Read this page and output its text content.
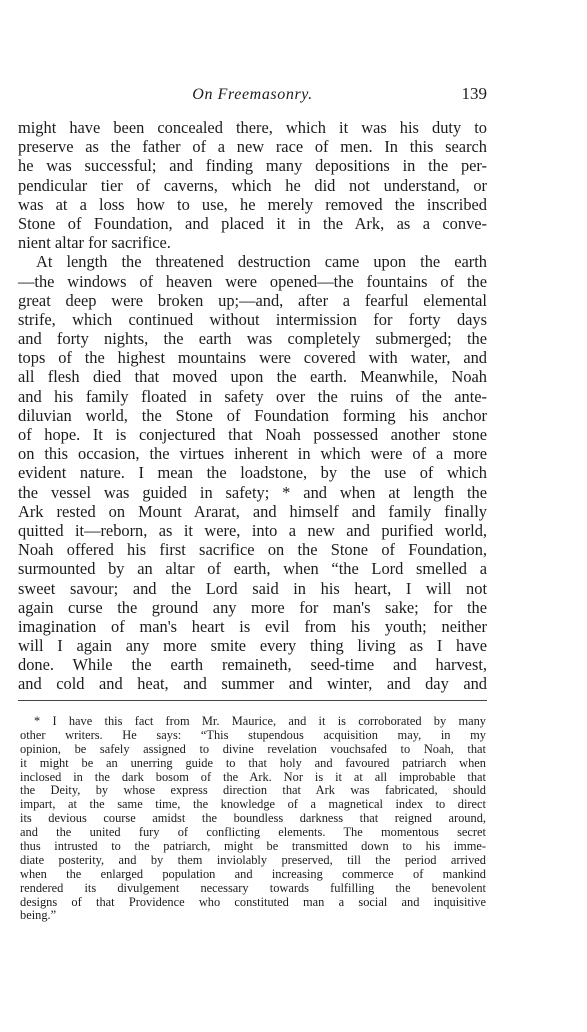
On Freemasonry.	139
might have been concealed there, which it was his duty to
preserve as the father of a new race of men. In this search
he was successful; and finding many depositions in the per-
pendicular tier of caverns, which he did not understand, or
was at a loss how to use, he merely removed the inscribed
Stone of Foundation, and placed it in the Ark, as a conve-
nient altar for sacrifice.
At length the threatened destruction came upon the earth
—the windows of heaven were opened—the fountains of the
great deep were broken up;—and, after a fearful elemental
strife, which continued without intermission for forty days
and forty nights, the earth was completely submerged; the
tops of the highest mountains were covered with water, and
all flesh died that moved upon the earth. Meanwhile, Noah
and his family floated in safety over the ruins of the ante-
diluvian world, the Stone of Foundation forming his anchor
of hope. It is conjectured that Noah possessed another stone
on this occasion, the virtues inherent in which were of a more
evident nature. I mean the loadstone, by the use of which
the vessel was guided in safety; * and when at length the
Ark rested on Mount Ararat, and himself and family finally
quitted it—reborn, as it were, into a new and purified world,
Noah offered his first sacrifice on the Stone of Foundation,
surmounted by an altar of earth, when “the Lord smelled a
sweet savour; and the Lord said in his heart, I will not
again curse the ground any more for man's sake; for the
imagination of man's heart is evil from his youth; neither
will I again any more smite every thing living as I have
done. While the earth remaineth, seed-time and harvest,
and cold and heat, and summer and winter, and day and
* I have this fact from Mr. Maurice, and it is corroborated by many
other writers. He says: “This stupendous acquisition may, in my
opinion, be safely assigned to divine revelation vouchsafed to Noah, that
it might be an unerring guide to that holy and favoured patriarch when
inclosed in the dark bosom of the Ark. Nor is it at all improbable that
the Deity, by whose express direction that Ark was fabricated, should
impart, at the same time, the knowledge of a magnetical index to direct
its devious course amidst the boundless darkness that reigned around,
and the united fury of conflicting elements. The momentous secret
thus intrusted to the patriarch, might be transmitted down to his imme-
diate posterity, and by them inviolably preserved, till the period arrived
when the enlarged population and increasing commerce of mankind
rendered its divulgement necessary towards fulfilling the benevolent
designs of that Providence who constituted man a social and inquisitive
being.”
